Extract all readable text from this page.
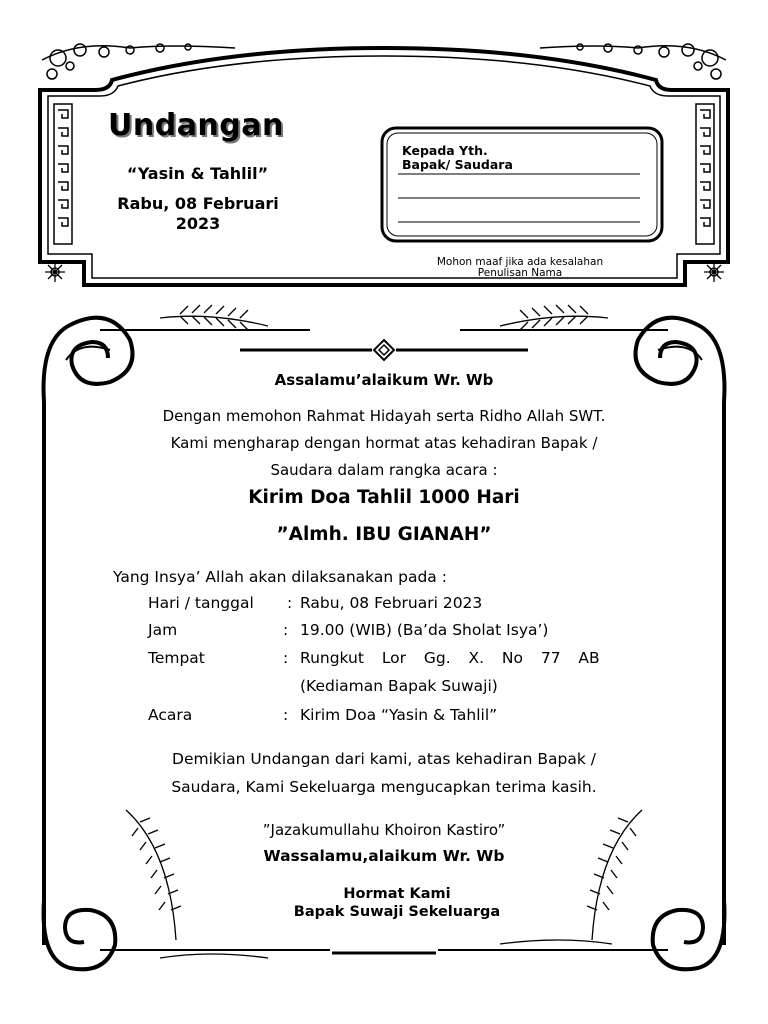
Undangan
“Yasin & Tahlil”
Rabu, 08 Februari
2023
Kepada Yth.
Bapak/ Saudara
Mohon maaf jika ada kesalahan
Penulisan Nama
Assalamu’alaikum Wr. Wb
Dengan memohon Rahmat Hidayah serta Ridho Allah SWT.
Kami mengharap dengan hormat atas kehadiran Bapak /
Saudara dalam rangka acara :
Kirim Doa Tahlil 1000 Hari
”Almh. IBU GIANAH”
Yang Insya’ Allah akan dilaksanakan pada :
Hari / tanggal : Rabu, 08 Februari 2023
Jam	: 19.00 (WIB) (Ba’da Sholat Isya’)
Tempat	: Rungkut  Lor  Gg.  X.  No  77  AB
(Kediaman Bapak Suwaji)
Acara	: Kirim Doa “Yasin & Tahlil”
Demikian Undangan dari kami, atas kehadiran Bapak /
Saudara, Kami Sekeluarga mengucapkan terima kasih.
”Jazakumullahu Khoiron Kastiro”
Wassalamu,alaikum Wr. Wb
Hormat Kami
Bapak Suwaji Sekeluarga
